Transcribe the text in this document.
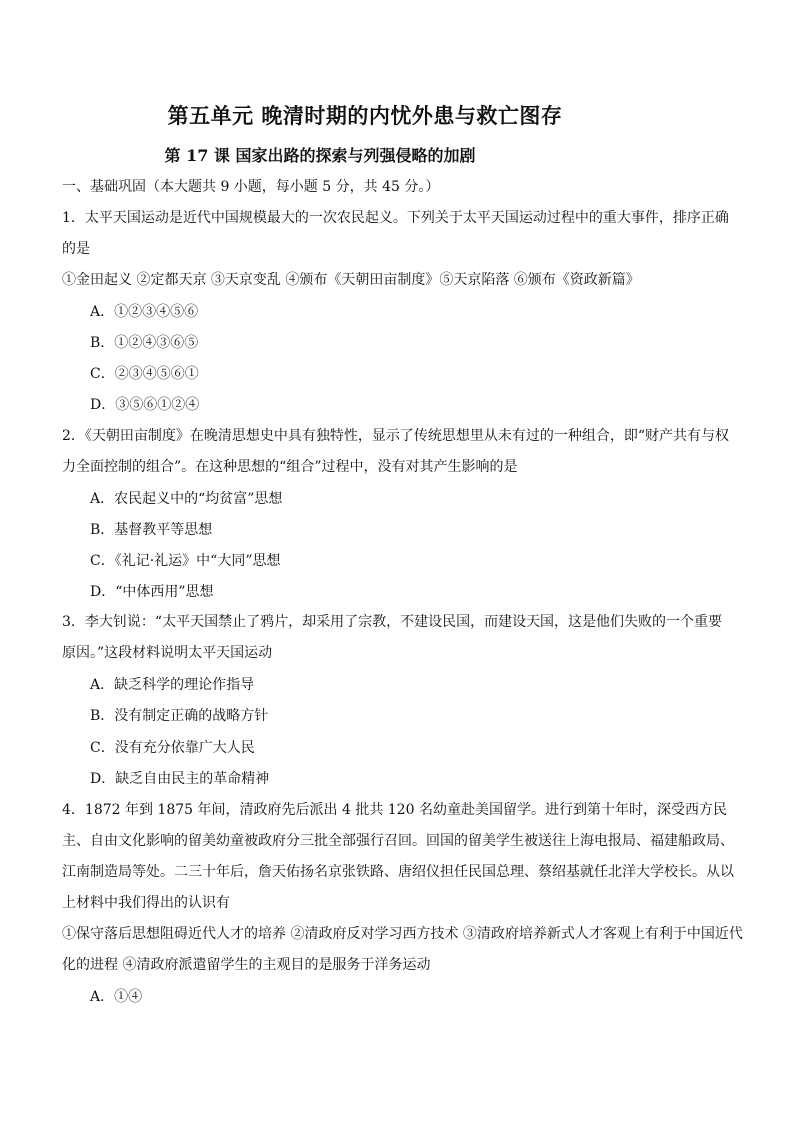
第五单元 晚清时期的内忧外患与救亡图存
第 17 课 国家出路的探索与列强侵略的加剧
一、基础巩固（本大题共 9 小题，每小题 5 分，共 45 分。）
1．太平天国运动是近代中国规模最大的一次农民起义。下列关于太平天国运动过程中的重大事件，排序正确的是
①金田起义 ②定都天京 ③天京变乱 ④颁布《天朝田亩制度》⑤天京陷落 ⑥颁布《资政新篇》
A．①②③④⑤⑥
B．①②④③⑥⑤
C．②③④⑤⑥①
D．③⑤⑥①②④
2．《天朝田亩制度》在晚清思想史中具有独特性，显示了传统思想里从未有过的一种组合，即“财产共有与权力全面控制的组合”。在这种思想的“组合”过程中，没有对其产生影响的是
A．农民起义中的“均贫富”思想
B．基督教平等思想
C．《礼记·礼运》中“大同”思想
D．“中体西用”思想
3．李大钊说：“太平天国禁止了鸦片，却采用了宗教，不建设民国，而建设天国，这是他们失败的一个重要原因。”这段材料说明太平天国运动
A．缺乏科学的理论作指导
B．没有制定正确的战略方针
C．没有充分依靠广大人民
D．缺乏自由民主的革命精神
4．1872 年到 1875 年间，清政府先后派出 4 批共 120 名幼童赴美国留学。进行到第十年时，深受西方民主、自由文化影响的留美幼童被政府分三批全部强行召回。回国的留美学生被送往上海电报局、福建船政局、江南制造局等处。二三十年后，詹天佑扬名京张铁路、唐绍仪担任民国总理、蔡绍基就任北洋大学校长。从以上材料中我们得出的认识有
①保守落后思想阻碍近代人才的培养 ②清政府反对学习西方技术 ③清政府培养新式人才客观上有利于中国近代化的进程 ④清政府派遣留学生的主观目的是服务于洋务运动
A．①④
